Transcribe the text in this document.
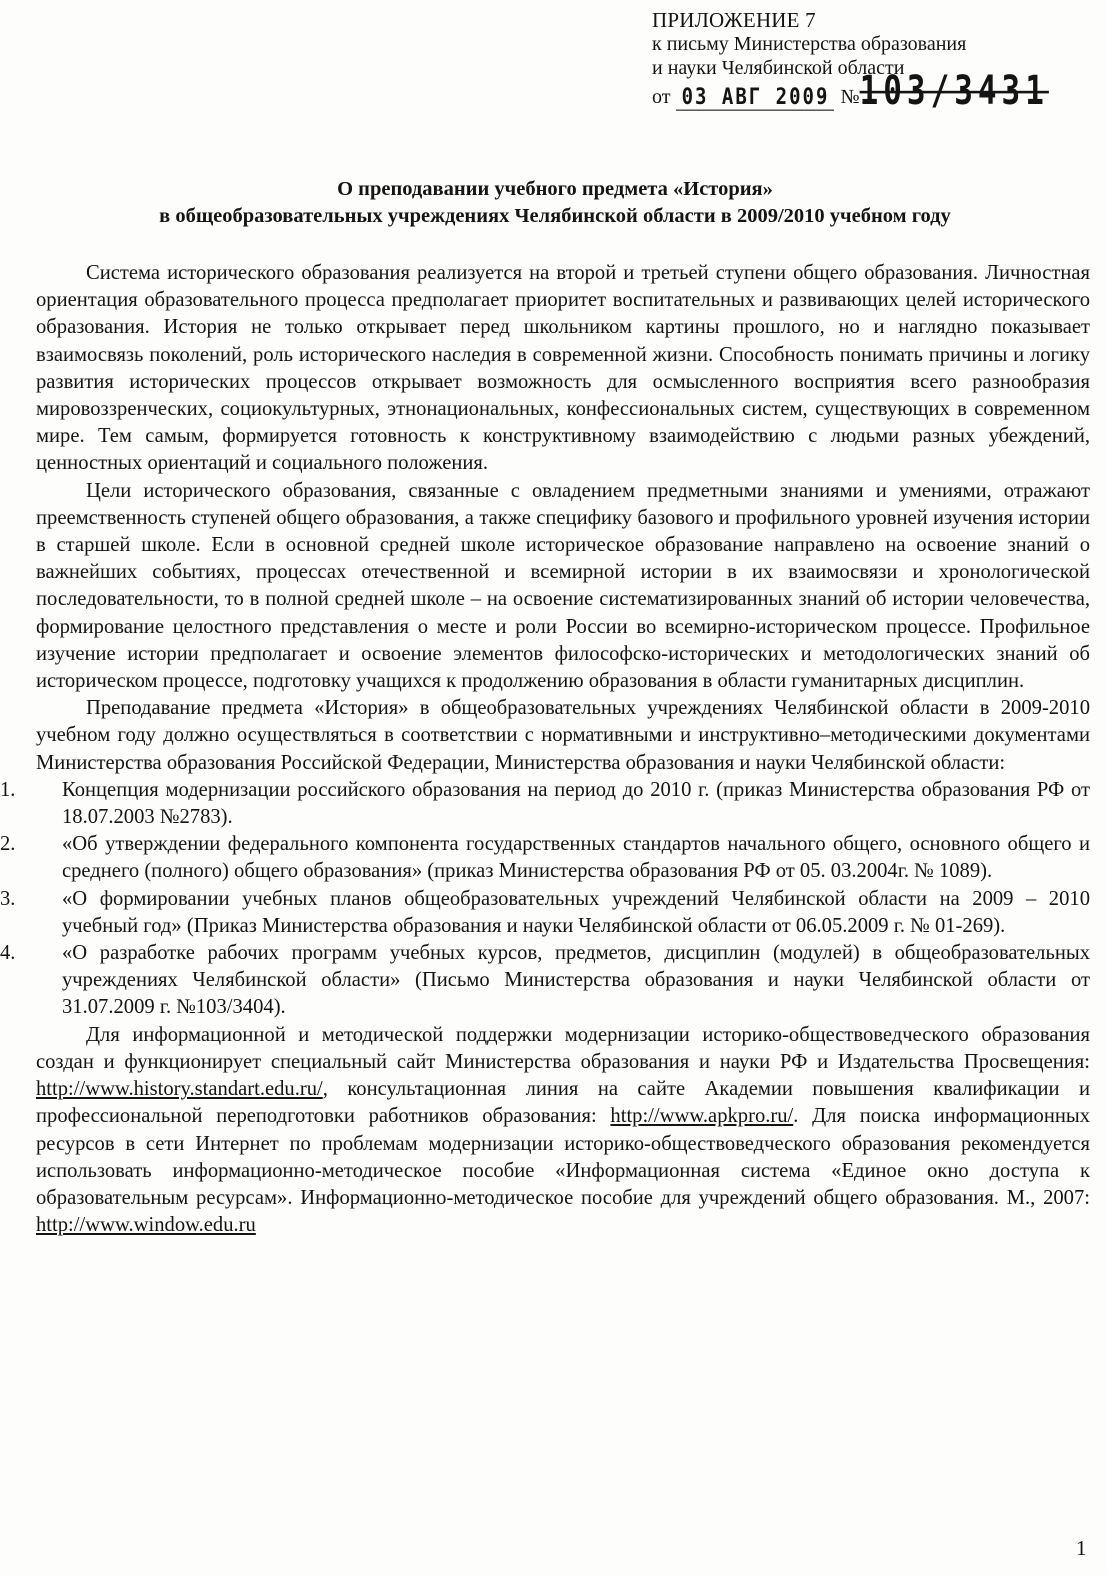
ПРИЛОЖЕНИЕ 7
к письму Министерства образования
и науки Челябинской области
от 03 АВГ 2009 № 103/3431
О преподавании учебного предмета «История»
в общеобразовательных учреждениях Челябинской области в 2009/2010 учебном году

Система исторического образования реализуется на второй и третьей ступени общего образования. Личностная ориентация образовательного процесса предполагает приоритет воспитательных и развивающих целей исторического образования. История не только открывает перед школьником картины прошлого, но и наглядно показывает взаимосвязь поколений, роль исторического наследия в современной жизни. Способность понимать причины и логику развития исторических процессов открывает возможность для осмысленного восприятия всего разнообразия мировоззренческих, социокультурных, этнонациональных, конфессиональных систем, существующих в современном мире. Тем самым, формируется готовность к конструктивному взаимодействию с людьми разных убеждений, ценностных ориентаций и социального положения.

Цели исторического образования, связанные с овладением предметными знаниями и умениями, отражают преемственность ступеней общего образования, а также специфику базового и профильного уровней изучения истории в старшей школе. Если в основной средней школе историческое образование направлено на освоение знаний о важнейших событиях, процессах отечественной и всемирной истории в их взаимосвязи и хронологической последовательности, то в полной средней школе – на освоение систематизированных знаний об истории человечества, формирование целостного представления о месте и роли России во всемирно-историческом процессе. Профильное изучение истории предполагает и освоение элементов философско-исторических и методологических знаний об историческом процессе, подготовку учащихся к продолжению образования в области гуманитарных дисциплин.

Преподавание предмета «История» в общеобразовательных учреждениях Челябинской области в 2009-2010 учебном году должно осуществляться в соответствии с нормативными и инструктивно–методическими документами Министерства образования Российской Федерации, Министерства образования и науки Челябинской области:

1.	Концепция модернизации российского образования на период до 2010 г. (приказ Министерства образования РФ от 18.07.2003 №2783).
2.	«Об утверждении федерального компонента государственных стандартов начального общего, основного общего и среднего (полного) общего образования» (приказ Министерства образования РФ от 05. 03.2004г. № 1089).
3.	«О формировании учебных планов общеобразовательных учреждений Челябинской области на 2009 – 2010 учебный год» (Приказ Министерства образования и науки Челябинской области от 06.05.2009 г. № 01-269).
4.	«О разработке рабочих программ учебных курсов, предметов, дисциплин (модулей) в общеобразовательных учреждениях Челябинской области» (Письмо Министерства образования и науки Челябинской области от 31.07.2009 г. №103/3404).

Для информационной и методической поддержки модернизации историко-обществоведческого образования создан и функционирует специальный сайт Министерства образования и науки РФ и Издательства Просвещения: http://www.history.standart.edu.ru/, консультационная линия на сайте Академии повышения квалификации и профессиональной переподготовки работников образования: http://www.apkpro.ru/. Для поиска информационных ресурсов в сети Интернет по проблемам модернизации историко-обществоведческого образования рекомендуется использовать информационно-методическое пособие «Информационная система «Единое окно доступа к образовательным ресурсам». Информационно-методическое пособие для учреждений общего образования. М., 2007: http://www.window.edu.ru

1
